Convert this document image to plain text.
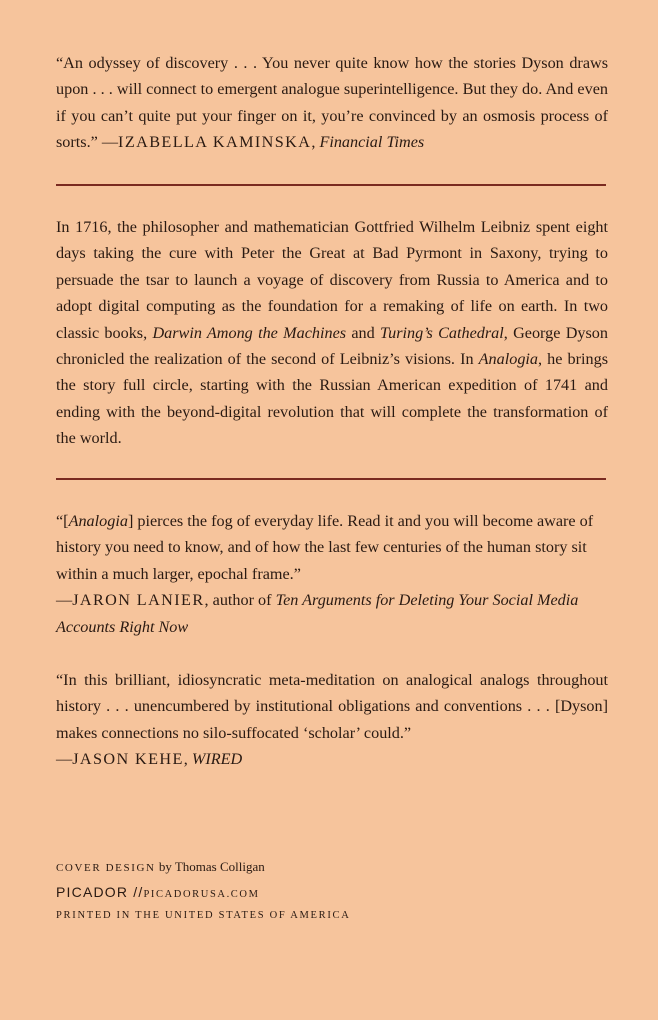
“An odyssey of discovery . . . You never quite know how the stories Dyson draws upon . . . will connect to emergent analogue superintelligence. But they do. And even if you can’t quite put your finger on it, you’re convinced by an osmosis process of sorts.” —IZABELLA KAMINSKA, Financial Times
In 1716, the philosopher and mathematician Gottfried Wilhelm Leibniz spent eight days taking the cure with Peter the Great at Bad Pyrmont in Saxony, trying to persuade the tsar to launch a voyage of discovery from Russia to America and to adopt digital computing as the foundation for a remaking of life on earth. In two classic books, Darwin Among the Machines and Turing’s Cathedral, George Dyson chronicled the realization of the second of Leibniz’s visions. In Analogia, he brings the story full circle, starting with the Russian American expedition of 1741 and ending with the beyond-digital revolution that will complete the transformation of the world.
“[Analogia] pierces the fog of everyday life. Read it and you will become aware of history you need to know, and of how the last few centuries of the human story sit within a much larger, epochal frame.”
—JARON LANIER, author of Ten Arguments for Deleting Your Social Media Accounts Right Now
“In this brilliant, idiosyncratic meta-meditation on analogical analogs throughout history . . . unencumbered by institutional obligations and conventions . . . [Dyson] makes connections no silo-suffocated ‘scholar’ could.”
—JASON KEHE, WIRED
COVER DESIGN by Thomas Colligan
PICADOR //PICADORUSA.COM
PRINTED IN THE UNITED STATES OF AMERICA
